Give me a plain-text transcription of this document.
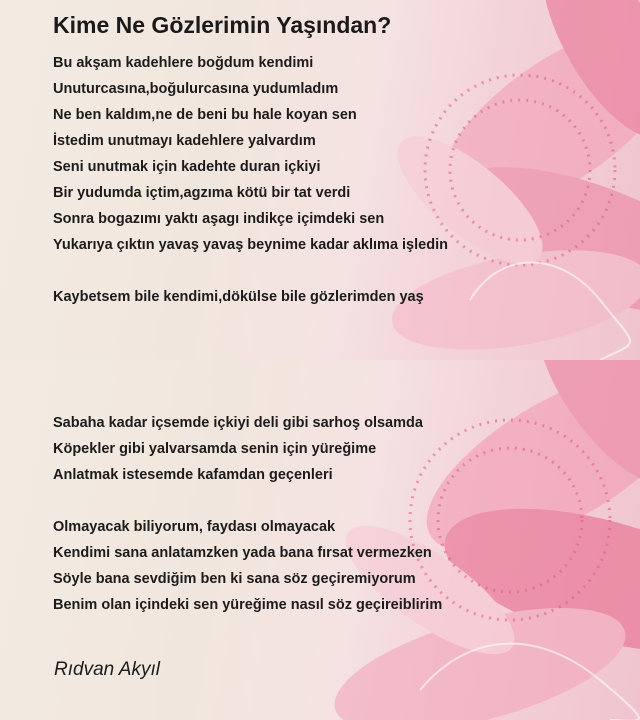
Kime Ne Gözlerimin Yaşından?
Bu akşam kadehlere boğdum kendimi
Unuturcasına,boğulurcasına yudumladım
Ne ben kaldım,ne de beni bu hale koyan sen
İstedim unutmayı kadehlere yalvardım
Seni unutmak için kadehte duran içkiyi
Bir yudumda içtim,agzıma kötü bir tat verdi
Sonra bogazımı yaktı aşagı indikçe içimdeki sen
Yukarıya çıktın yavaş yavaş beynime kadar aklıma işledin
Kaybetsem bile kendimi,dökülse bile gözlerimden yaş
Sabaha kadar içsemde içkiyi deli gibi sarhoş olsamda
Köpekler gibi yalvarsamda senin için yüreğime
Anlatmak istesemde kafamdan geçenleri
Olmayacak biliyorum, faydası olmayacak
Kendimi sana anlatamzken yada bana fırsat vermezken
Söyle bana sevdiğim ben ki sana söz geçiremiyorum
Benim olan içindeki sen yüreğime nasıl söz geçireiblirim
Rıdvan Akyıl
